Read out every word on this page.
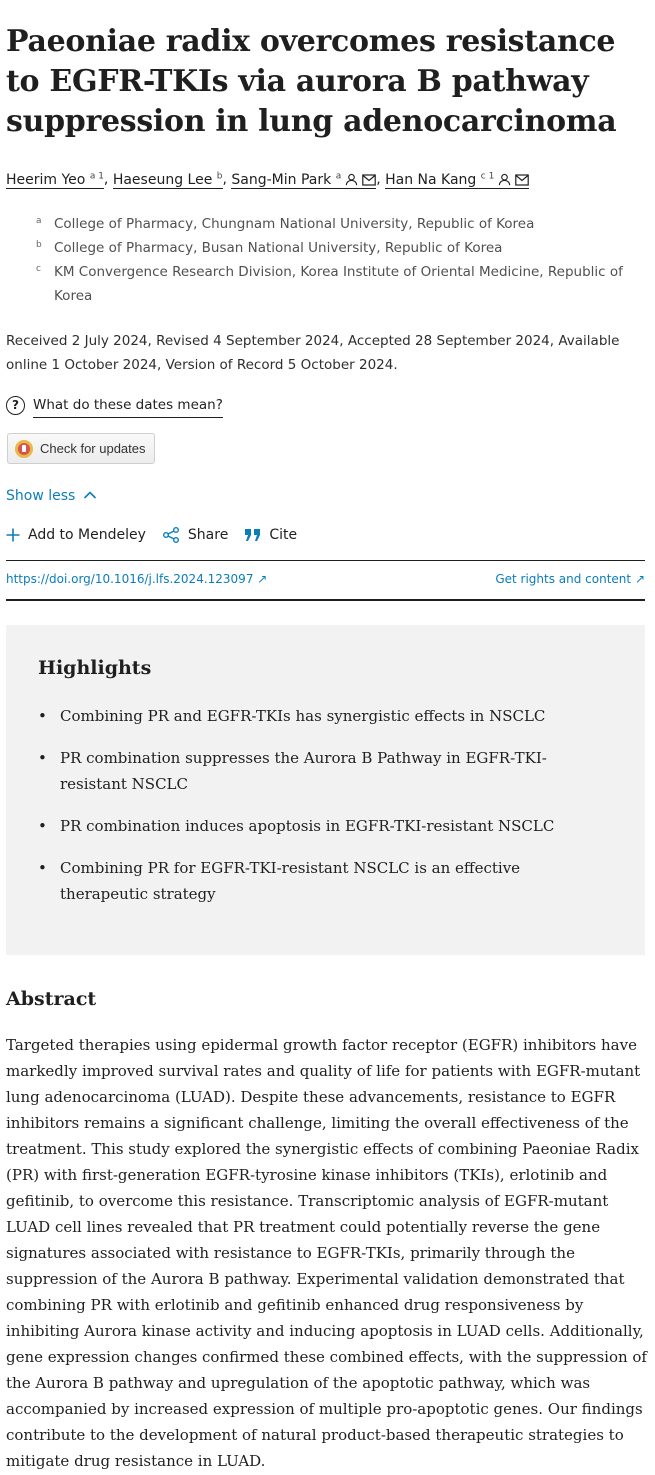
Paeoniae radix overcomes resistance to EGFR-TKIs via aurora B pathway suppression in lung adenocarcinoma
Heerim Yeo $^{a 1}$, Haeseung Lee $^b$, Sang-Min Park $^a$	, Han Na Kang $^{c 1}$
a College of Pharmacy, Chungnam National University, Republic of Korea
b College of Pharmacy, Busan National University, Republic of Korea
c KM Convergence Research Division, Korea Institute of Oriental Medicine, Republic of Korea
Received 2 July 2024, Revised 4 September 2024, Accepted 28 September 2024, Available online 1 October 2024, Version of Record 5 October 2024.
?	What do these dates mean?
Check for updates
Show less
Add to Mendeley	Share	Cite
https://doi.org/10.1016/j.lfs.2024.123097 ↗	Get rights and content ↗
Highlights
• Combining PR and EGFR-TKIs has synergistic effects in NSCLC
• PR combination suppresses the Aurora B Pathway in EGFR-TKI-resistant NSCLC
• PR combination induces apoptosis in EGFR-TKI-resistant NSCLC
• Combining PR for EGFR-TKI-resistant NSCLC is an effective therapeutic strategy
Abstract

Targeted therapies using epidermal growth factor receptor (EGFR) inhibitors have markedly improved survival rates and quality of life for patients with EGFR-mutant lung adenocarcinoma (LUAD). Despite these advancements, resistance to EGFR inhibitors remains a significant challenge, limiting the overall effectiveness of the treatment. This study explored the synergistic effects of combining Paeoniae Radix (PR) with first-generation EGFR-tyrosine kinase inhibitors (TKIs), erlotinib and gefitinib, to overcome this resistance. Transcriptomic analysis of EGFR-mutant LUAD cell lines revealed that PR treatment could potentially reverse the gene signatures associated with resistance to EGFR-TKIs, primarily through the suppression of the Aurora B pathway. Experimental validation demonstrated that combining PR with erlotinib and gefitinib enhanced drug responsiveness by inhibiting Aurora kinase activity and inducing apoptosis in LUAD cells. Additionally, gene expression changes confirmed these combined effects, with the suppression of the Aurora B pathway and upregulation of the apoptotic pathway, which was accompanied by increased expression of multiple pro-apoptotic genes. Our findings contribute to the development of natural product-based therapeutic strategies to mitigate drug resistance in LUAD.
